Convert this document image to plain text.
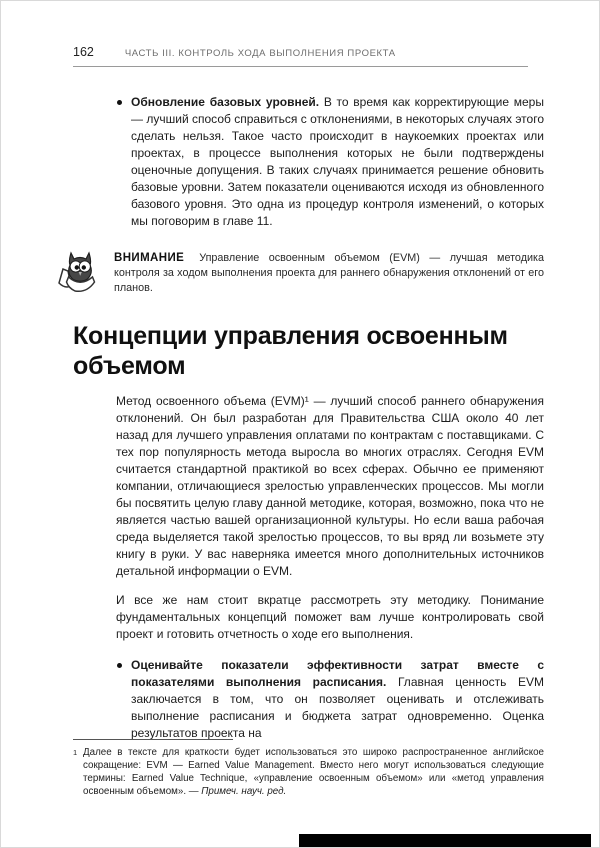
162	ЧАСТЬ III. КОНТРОЛЬ ХОДА ВЫПОЛНЕНИЯ ПРОЕКТА
Обновление базовых уровней. В то время как корректирующие меры — лучший способ справиться с отклонениями, в некоторых случаях этого сделать нельзя. Такое часто происходит в наукоемких проектах или проектах, в процессе выполнения которых не были подтверждены оценочные допущения. В таких случаях принимается решение обновить базовые уровни. Затем показатели оцениваются исходя из обновленного базового уровня. Это одна из процедур контроля изменений, о которых мы поговорим в главе 11.

ВНИМАНИЕ Управление освоенным объемом (EVM) — лучшая методика контроля за ходом выполнения проекта для раннего обнаружения отклонений от его планов.

Концепции управления освоенным объемом

Метод освоенного объема (EVM)¹ — лучший способ раннего обнаружения отклонений. Он был разработан для Правительства США около 40 лет назад для лучшего управления оплатами по контрактам с поставщиками. С тех пор популярность метода выросла во многих отраслях. Сегодня EVM считается стандартной практикой во всех сферах. Обычно ее применяют компании, отличающиеся зрелостью управленческих процессов. Мы могли бы посвятить целую главу данной методике, которая, возможно, пока что не является частью вашей организационной культуры. Но если ваша рабочая среда выделяется такой зрелостью процессов, то вы вряд ли возьмете эту книгу в руки. У вас наверняка имеется много дополнительных источников детальной информации о EVM.

И все же нам стоит вкратце рассмотреть эту методику. Понимание фундаментальных концепций поможет вам лучше контролировать свой проект и готовить отчетность о ходе его выполнения.

Оценивайте показатели эффективности затрат вместе с показателями выполнения расписания. Главная ценность EVM заключается в том, что он позволяет оценивать и отслеживать выполнение расписания и бюджета затрат одновременно. Оценка результатов проекта на

1 Далее в тексте для краткости будет использоваться это широко распространенное английское сокращение: EVM — Earned Value Management. Вместо него могут использоваться следующие термины: Earned Value Technique, «управление освоенным объемом» или «метод управления освоенным объемом». — Примеч. науч. ред.
